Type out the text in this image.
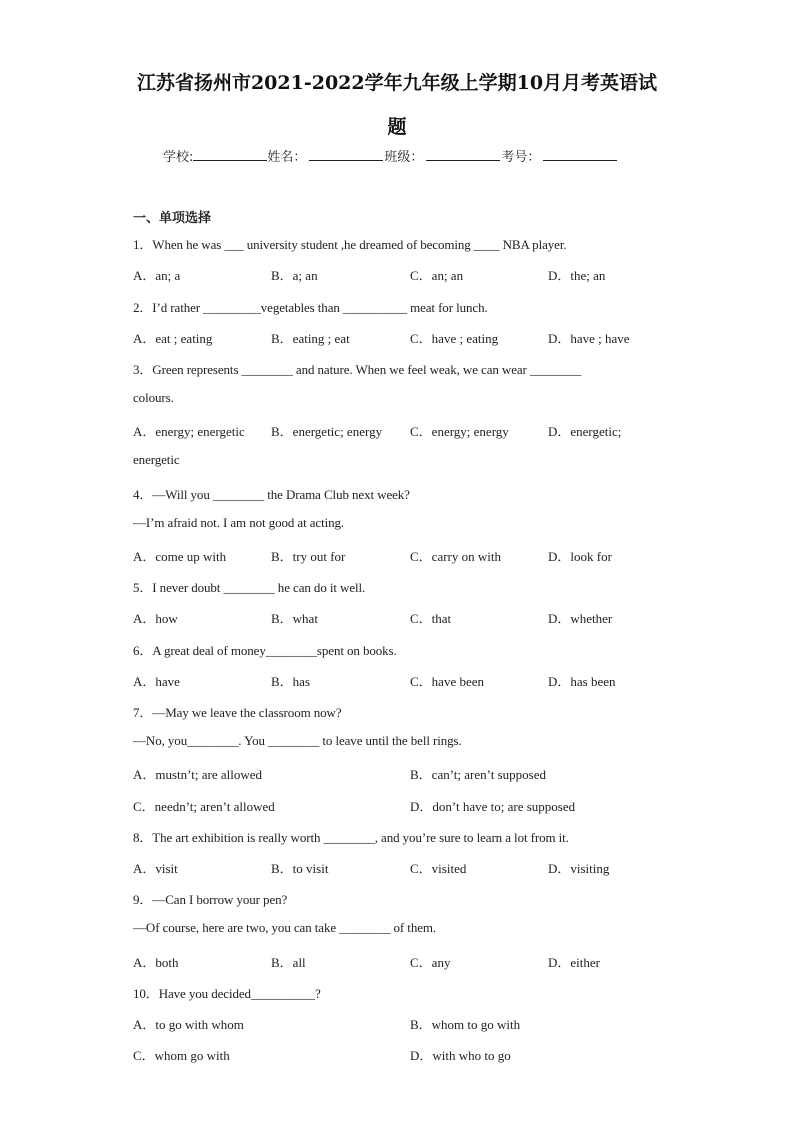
江苏省扬州市2021-2022学年九年级上学期10月月考英语试
题
学校:	姓名：	班级：	考号：
一、单项选择
1．When he was ___ university student ,he dreamed of becoming ____ NBA player.
A．an; a	B．a; an	C．an; an	D．the; an
2．I’d rather _________vegetables than __________ meat for lunch.
A．eat ; eating	B．eating ; eat	C．have ; eating	D．have ; have
3．Green represents ________ and nature. When we feel weak, we can wear ________
colours.
A．energy; energetic B．energetic; energy C．energy; energy	D．energetic;
energetic
4．—Will you ________ the Drama Club next week?
—I’m afraid not. I am not good at acting.
A．come up with	B．try out for	C．carry on with	D．look for
5．I never doubt ________ he can do it well.
A．how	B．what	C．that	D．whether
6．A great deal of money________spent on books.
A．have	B．has	C．have been	D．has been
7．—May we leave the classroom now?
—No, you________. You ________ to leave until the bell rings.
A．mustn’t; are allowed	B．can’t; aren’t supposed
C．needn’t; aren’t allowed	D．don’t have to; are supposed
8．The art exhibition is really worth ________, and you’re sure to learn a lot from it.
A．visit	B．to visit	C．visited	D．visiting
9．—Can I borrow your pen?
—Of course, here are two, you can take ________ of them.
A．both	B．all	C．any	D．either
10．Have you decided__________?
A．to go with whom	B．whom to go with
C．whom go with	D．with who to go
